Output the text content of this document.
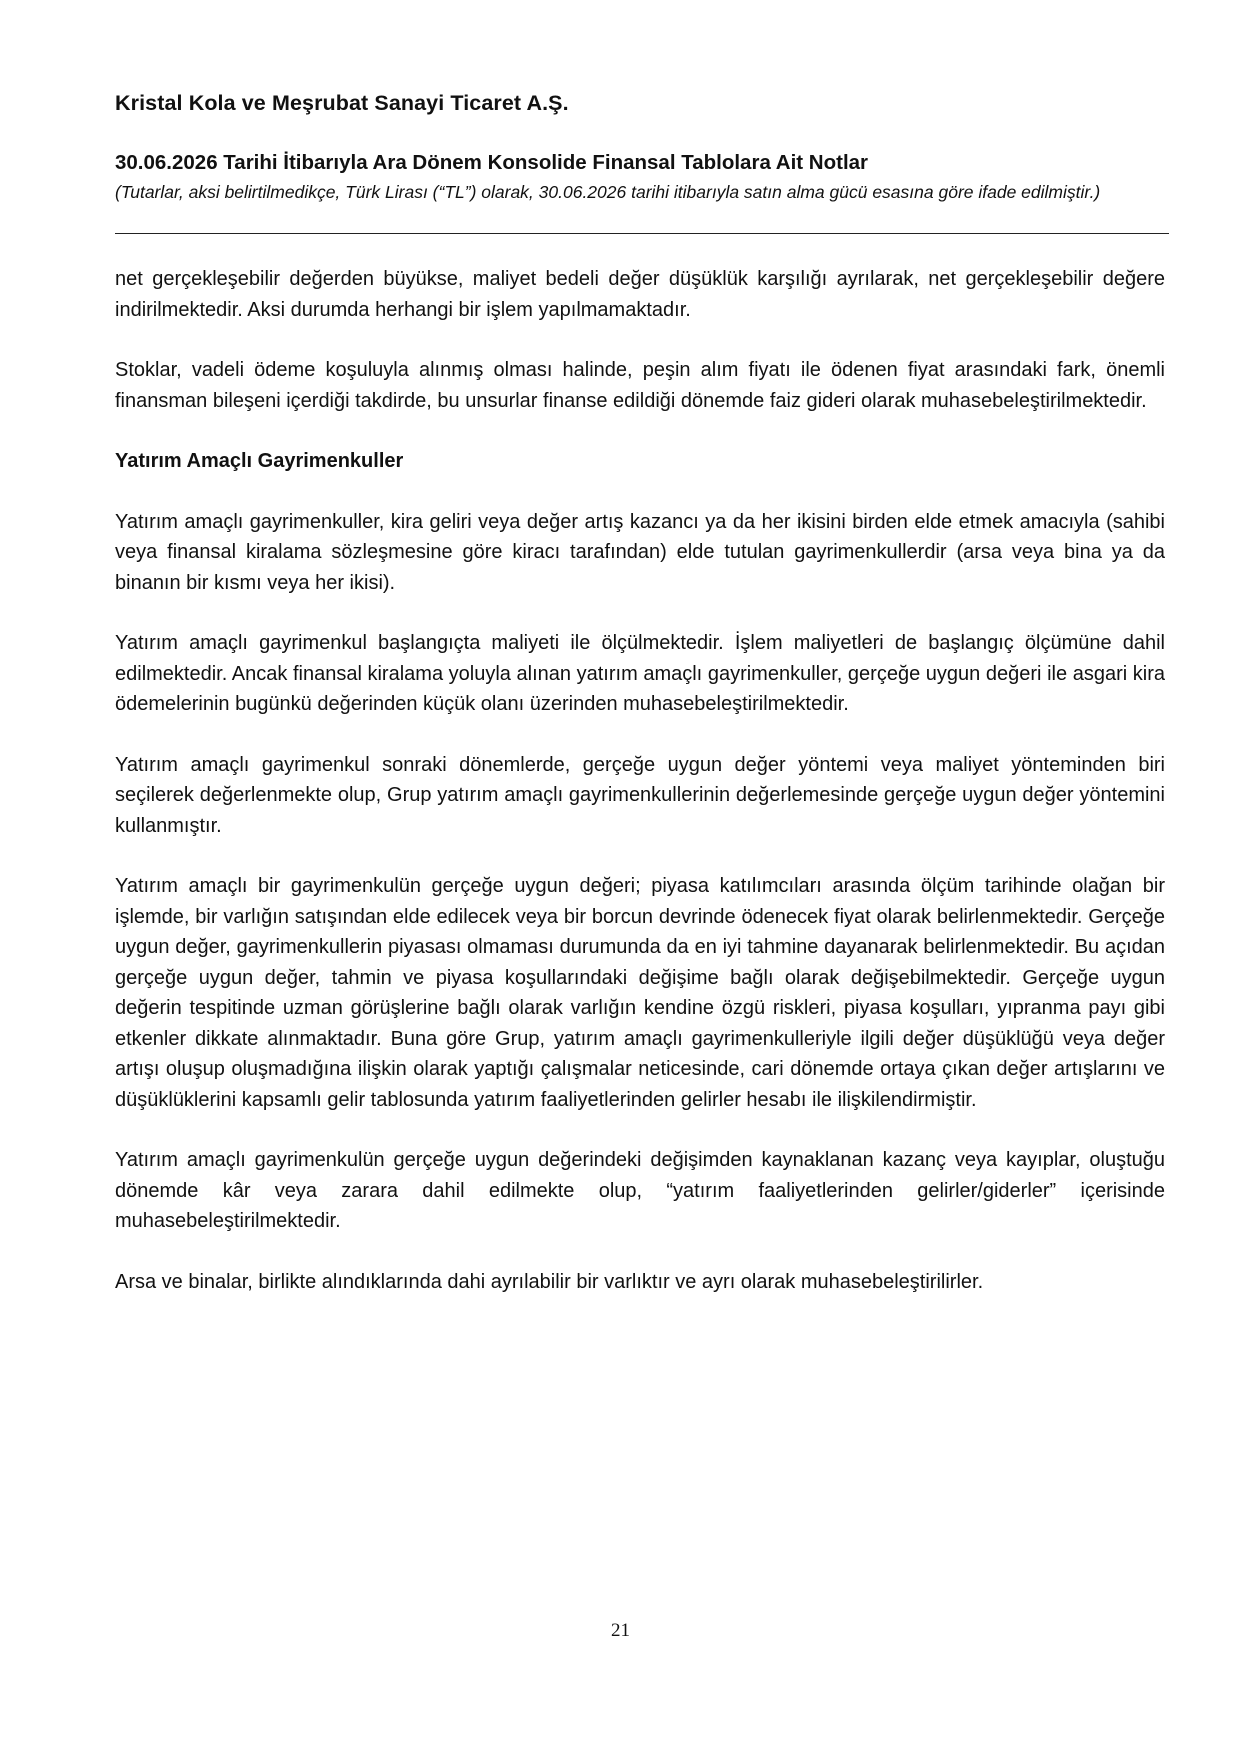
Kristal Kola ve Meşrubat Sanayi Ticaret A.Ş.
30.06.2026 Tarihi İtibarıyla Ara Dönem Konsolide Finansal Tablolara Ait Notlar
(Tutarlar, aksi belirtilmedikçe, Türk Lirası (“TL”) olarak, 30.06.2026 tarihi itibarıyla satın alma gücü esasına göre ifade edilmiştir.)

net gerçekleşebilir değerden büyükse, maliyet bedeli değer düşüklük karşılığı ayrılarak, net gerçekleşebilir değere indirilmektedir. Aksi durumda herhangi bir işlem yapılmamaktadır.

Stoklar, vadeli ödeme koşuluyla alınmış olması halinde, peşin alım fiyatı ile ödenen fiyat arasındaki fark, önemli finansman bileşeni içerdiği takdirde, bu unsurlar finanse edildiği dönemde faiz gideri olarak muhasebeleştirilmektedir.

Yatırım Amaçlı Gayrimenkuller

Yatırım amaçlı gayrimenkuller, kira geliri veya değer artış kazancı ya da her ikisini birden elde etmek amacıyla (sahibi veya finansal kiralama sözleşmesine göre kiracı tarafından) elde tutulan gayrimenkullerdir (arsa veya bina ya da binanın bir kısmı veya her ikisi).

Yatırım amaçlı gayrimenkul başlangıçta maliyeti ile ölçülmektedir. İşlem maliyetleri de başlangıç ölçümüne dahil edilmektedir. Ancak finansal kiralama yoluyla alınan yatırım amaçlı gayrimenkuller, gerçeğe uygun değeri ile asgari kira ödemelerinin bugünkü değerinden küçük olanı üzerinden muhasebeleştirilmektedir.

Yatırım amaçlı gayrimenkul sonraki dönemlerde, gerçeğe uygun değer yöntemi veya maliyet yönteminden biri seçilerek değerlenmekte olup, Grup yatırım amaçlı gayrimenkullerinin değerlemesinde gerçeğe uygun değer yöntemini kullanmıştır.

Yatırım amaçlı bir gayrimenkulün gerçeğe uygun değeri; piyasa katılımcıları arasında ölçüm tarihinde olağan bir işlemde, bir varlığın satışından elde edilecek veya bir borcun devrinde ödenecek fiyat olarak belirlenmektedir. Gerçeğe uygun değer, gayrimenkullerin piyasası olmaması durumunda da en iyi tahmine dayanarak belirlenmektedir. Bu açıdan gerçeğe uygun değer, tahmin ve piyasa koşullarındaki değişime bağlı olarak değişebilmektedir. Gerçeğe uygun değerin tespitinde uzman görüşlerine bağlı olarak varlığın kendine özgü riskleri, piyasa koşulları, yıpranma payı gibi etkenler dikkate alınmaktadır. Buna göre Grup, yatırım amaçlı gayrimenkulleriyle ilgili değer düşüklüğü veya değer artışı oluşup oluşmadığına ilişkin olarak yaptığı çalışmalar neticesinde, cari dönemde ortaya çıkan değer artışlarını ve düşüklüklerini kapsamlı gelir tablosunda yatırım faaliyetlerinden gelirler hesabı ile ilişkilendirmiştir.

Yatırım amaçlı gayrimenkulün gerçeğe uygun değerindeki değişimden kaynaklanan kazanç veya kayıplar, oluştuğu dönemde kâr veya zarara dahil edilmekte olup, “yatırım faaliyetlerinden gelirler/giderler” içerisinde muhasebeleştirilmektedir.

Arsa ve binalar, birlikte alındıklarında dahi ayrılabilir bir varlıktır ve ayrı olarak muhasebeleştirilirler.

21
